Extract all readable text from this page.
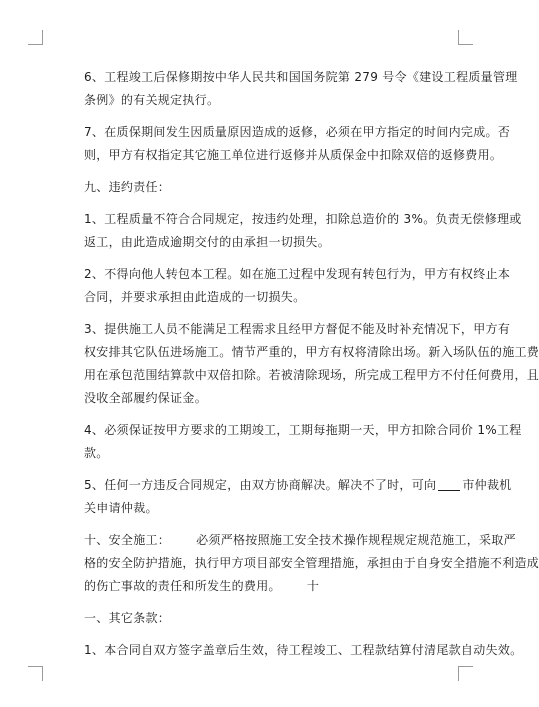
6、工程竣工后保修期按中华人民共和国国务院第 279 号令《建设工程质量管理
条例》的有关规定执行。

7、在质保期间发生因质量原因造成的返修，必须在甲方指定的时间内完成。否
则，甲方有权指定其它施工单位进行返修并从质保金中扣除双倍的返修费用。

九、违约责任：

1、工程质量不符合合同规定，按违约处理，扣除总造价的 3%。负责无偿修理或
返工，由此造成逾期交付的由承担一切损失。

2、不得向他人转包本工程。如在施工过程中发现有转包行为，甲方有权终止本
合同，并要求承担由此造成的一切损失。

3、提供施工人员不能满足工程需求且经甲方督促不能及时补充情况下，甲方有
权安排其它队伍进场施工。情节严重的，甲方有权将清除出场。新入场队伍的施工费
用在承包范围结算款中双倍扣除。若被清除现场，所完成工程甲方不付任何费用，且
没收全部履约保证金。

4、必须保证按甲方要求的工期竣工，工期每拖期一天，甲方扣除合同价 1%工程
款。

5、任何一方违反合同规定，由双方协商解决。解决不了时，可向 市仲裁机
关申请仲裁。

十、安全施工： 必须严格按照施工安全技术操作规程规定规范施工，采取严
格的安全防护措施，执行甲方项目部安全管理措施，承担由于自身安全措施不利造成
的伤亡事故的责任和所发生的费用。 十

一、其它条款：

1、本合同自双方签字盖章后生效，待工程竣工、工程款结算付清尾款自动失效。
